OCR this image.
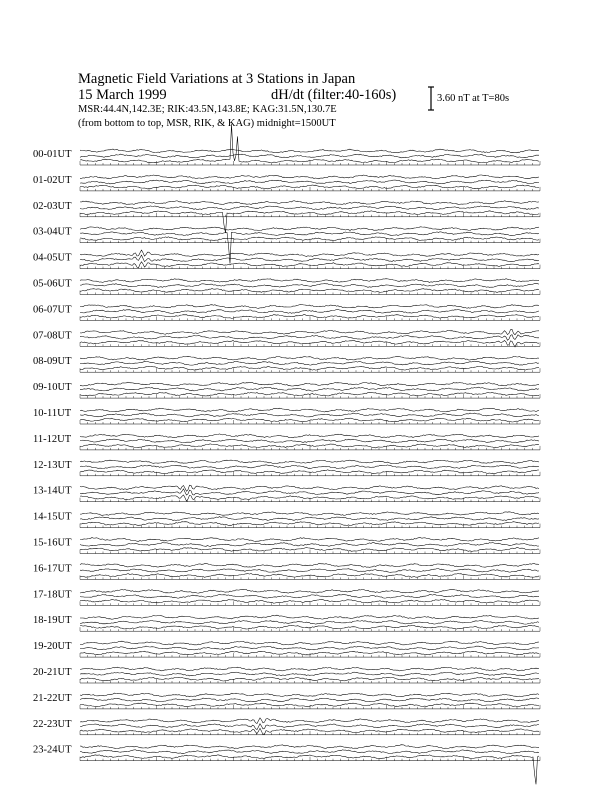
Magnetic Field Variations at 3 Stations in Japan
15 March 1999	dH/dt (filter:40-160s)
MSR:44.4N,142.3E; RIK:43.5N,143.8E; KAG:31.5N,130.7E
(from bottom to top, MSR, RIK, & KAG) midnight=1500UT
3.60 nT at T=80s
00-01UT
01-02UT
02-03UT
03-04UT
04-05UT
05-06UT
06-07UT
07-08UT
08-09UT
09-10UT
10-11UT
11-12UT
12-13UT
13-14UT
14-15UT
15-16UT
16-17UT
17-18UT
18-19UT
19-20UT
20-21UT
21-22UT
22-23UT
23-24UT
